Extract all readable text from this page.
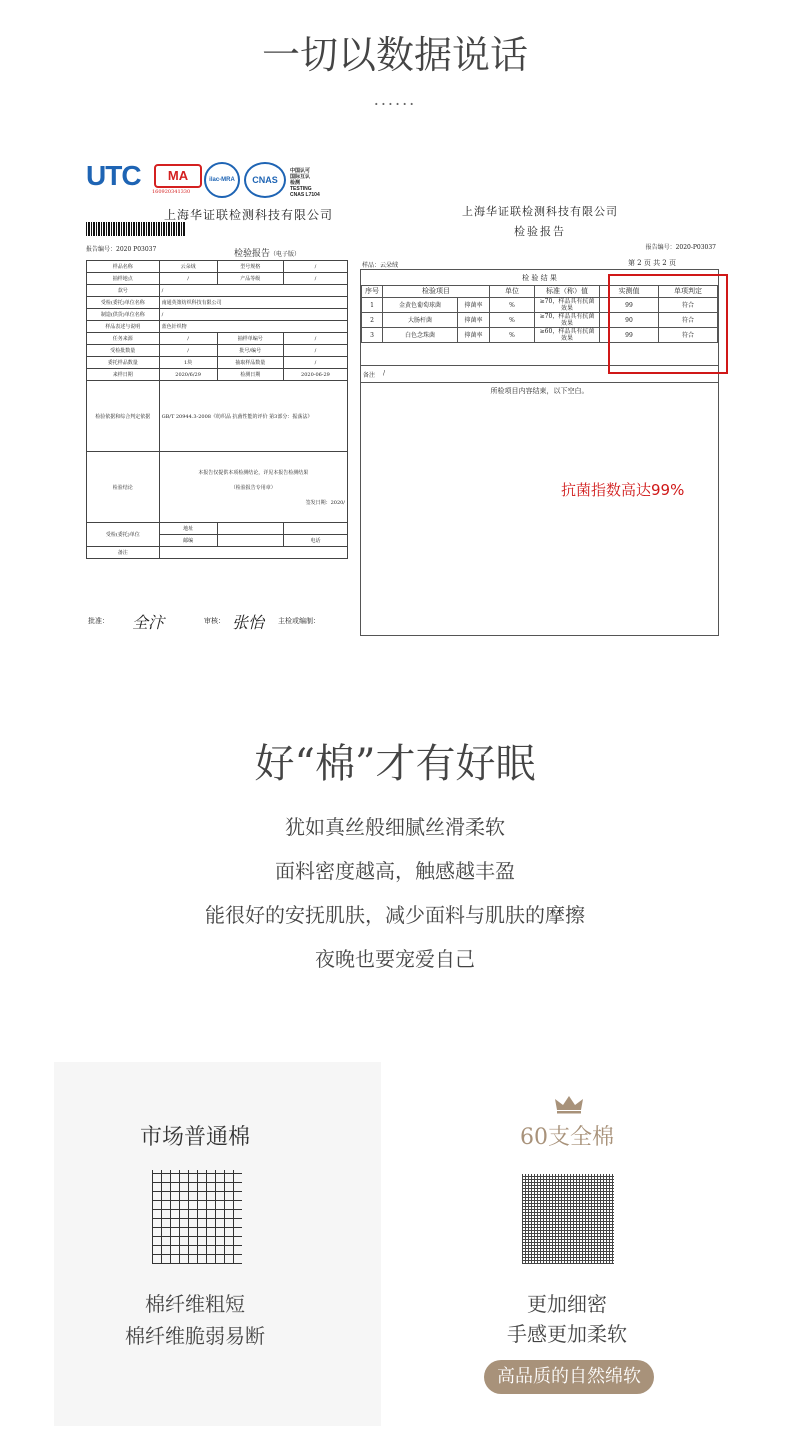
一切以数据说话
......
UTC	MA
160920341330
ilac-MRA	CNAS
中国认可
国际互认
检测
TESTING
CNAS L7104
上海华证联检测科技有限公司
报告编号：2020 P03037	检验报告（电子版）
样品名称	云朵绒	型号规格	/
抽样地点	/	产品等级	/
款号	/		
受检(委托)单位名称	南通英策纺织科技有限公司		
制造(供货)单位名称	/		
样品表述与说明	蓝色针织物		
任务来源	/	抽样单编号	/
受检批数量	/	批号/编号	/
委托样品数量	1块	抽取样品数量	/
来样日期	2020/6/29	检测日期	2020-06-29
检验依据和综合判定依据	GB/T 20944.3-2008《纺织品 抗菌性能的评价 第3部分：振荡法》		
检验结论	本报告仅提供本项检测结论，详见本报告检测结果
（检验报告专用章）
签发日期：2020/		

受检(委托)单位	地址		
	邮编		电话
备注			
批准： 全汴	审核： 张怡 主检或编制：
上海华证联检测科技有限公司
检验报告
报告编号：2020-P03037
样品：云朵绒	第 2 页 共 2 页
检 验 结 果
序号	检验项目		单位	标准（称）值	实测值	单项判定
1	金黄色葡萄球菌	抑菌率	%	≥70，样品具有抗菌效果	99	符合
2	大肠杆菌	抑菌率	%	≥70，样品具有抗菌效果	90	符合
3	白色念珠菌	抑菌率	%	≥60，样品具有抗菌效果	99	符合
备注 /
所检项目内容结束，以下空白。
抗菌指数高达99%
好“棉”才有好眠
犹如真丝般细腻丝滑柔软
面料密度越高，触感越丰盈
能很好的安抚肌肤，减少面料与肌肤的摩擦
夜晚也要宠爱自己
市场普通棉
棉纤维粗短
棉纤维脆弱易断
60支全棉
更加细密
手感更加柔软
高品质的自然绵软
